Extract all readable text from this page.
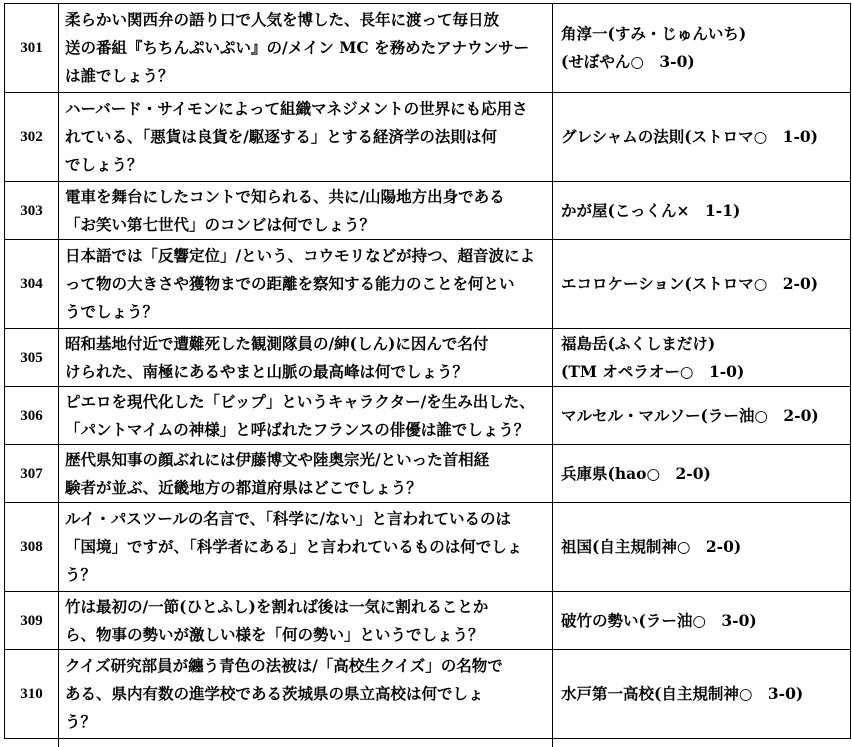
301	柔らかい関西弁の語り口で人気を博した、長年に渡って毎日放
送の番組『ちちんぷいぷい』の/メイン MC を務めたアナウンサー
は誰でしょう？	角淳一(すみ・じゅんいち)
(せぼやん○　3-0)

302	ハーバード・サイモンによって組織マネジメントの世界にも応用さ
れている、「悪貨は良貨を/駆逐する」とする経済学の法則は何
でしょう？	グレシャムの法則(ストロマ○　1-0)

303	電車を舞台にしたコントで知られる、共に/山陽地方出身である
「お笑い第七世代」のコンビは何でしょう？	かが屋(こっくん×　1-1)

304	日本語では「反響定位」/という、コウモリなどが持つ、超音波によ
って物の大きさや獲物までの距離を察知する能力のことを何とい
うでしょう？	エコロケーション(ストロマ○　2-0)

305	昭和基地付近で遭難死した観測隊員の/紳(しん)に因んで名付
けられた、南極にあるやまと山脈の最高峰は何でしょう？	福島岳(ふくしまだけ)
(TM オペラオー○　1-0)

306	ピエロを現代化した「ビップ」というキャラクター/を生み出した、
「パントマイムの神様」と呼ばれたフランスの俳優は誰でしょう？	マルセル・マルソー(ラー油○　2-0)

307	歴代県知事の顔ぶれには伊藤博文や陸奥宗光/といった首相経
験者が並ぶ、近畿地方の都道府県はどこでしょう？	兵庫県(hao○　2-0)

308	ルイ・パスツールの名言で、「科学に/ない」と言われているのは
「国境」ですが、「科学者にある」と言われているものは何でしょ
う？	祖国(自主規制神○　2-0)

309	竹は最初の/一節(ひとふし)を割れば後は一気に割れることか
ら、物事の勢いが激しい様を「何の勢い」というでしょう？	破竹の勢い(ラー油○　3-0)

310	クイズ研究部員が纏う青色の法被は/「高校生クイズ」の名物で
ある、県内有数の進学校である茨城県の県立高校は何でしょ
う？	水戸第一高校(自主規制神○　3-0)
